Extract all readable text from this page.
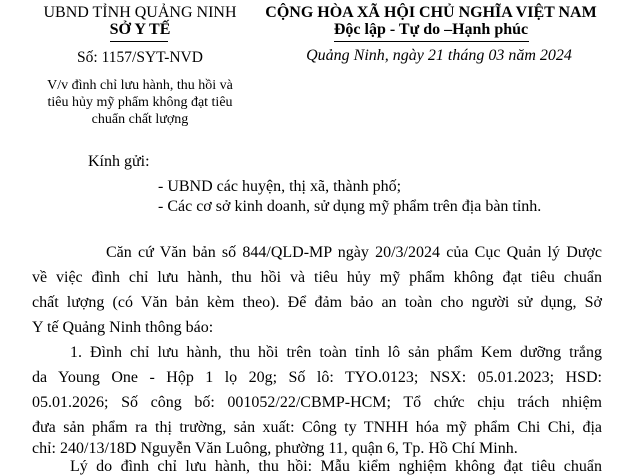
UBND TỈNH QUẢNG NINH
SỞ Y TẾ
Số: 1157/SYT-NVD
V/v đình chỉ lưu hành, thu hồi và
tiêu hủy mỹ phẩm không đạt tiêu
chuẩn chất lượng
CỘNG HÒA XÃ HỘI CHỦ NGHĨA VIỆT NAM
Độc lập - Tự do –Hạnh phúc
Quảng Ninh, ngày 21 tháng 03 năm 2024
Kính gửi:
- UBND các huyện, thị xã, thành phố;
- Các cơ sở kinh doanh, sử dụng mỹ phẩm trên địa bàn tỉnh.
Căn cứ Văn bản số 844/QLD-MP ngày 20/3/2024 của Cục Quản lý Dược
về việc đình chỉ lưu hành, thu hồi và tiêu hủy mỹ phẩm không đạt tiêu chuẩn
chất lượng (có Văn bản kèm theo). Để đảm bảo an toàn cho người sử dụng, Sở
Y tế Quảng Ninh thông báo:
1. Đình chỉ lưu hành, thu hồi trên toàn tỉnh lô sản phẩm Kem dưỡng trắng
da Young One - Hộp 1 lọ 20g; Số lô: TYO.0123; NSX: 05.01.2023; HSD:
05.01.2026; Số công bố: 001052/22/CBMP-HCM; Tổ chức chịu trách nhiệm
đưa sản phẩm ra thị trường, sản xuất: Công ty TNHH hóa mỹ phẩm Chi Chi, địa
chỉ: 240/13/18D Nguyễn Văn Luông, phường 11, quận 6, Tp. Hồ Chí Minh.
Lý do đình chỉ lưu hành, thu hồi: Mẫu kiểm nghiệm không đạt tiêu chuẩn
